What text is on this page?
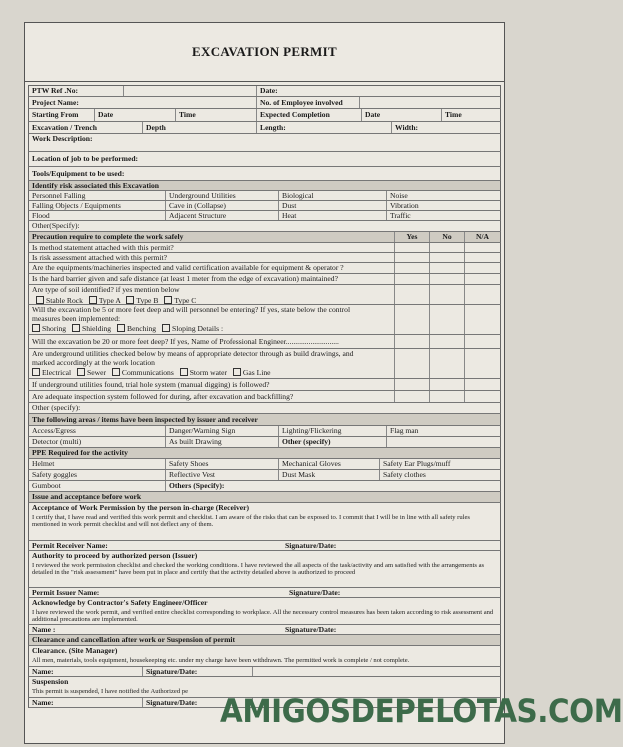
EXCAVATION PERMIT
PTW Ref .No:	Date:
Project Name:	No. of Employee involved
Starting From	Date	Time	Expected Completion	Date	Time
Excavation / Trench	Depth	Length:	Width:
Work Description:
Location of job to be performed:
Tools/Equipment to be used:
Identify risk associated this Excavation
Personnel Falling	Underground Utilities	Biological	Noise
Falling Objects / Equipments	Cave in (Collapse)	Dust	Vibration
Flood	Adjacent Structure	Heat	Traffic
Other(Specify):
Precaution require to complete the work safely	Yes	No	N/A
Is method statement attached with this permit?
Is risk assessment attached with this permit?
Are the equipments/machineries inspected and valid certification available for equipment & operator ?
Is the hard barrier given and safe distance (at least 1 meter from the edge of excavation) maintained?
Are type of soil identified? if yes mention below
Stable Rock Type A Type B Type C
Will the excavation be 5 or more feet deep and will personnel be entering? If yes, state below the control measures been implemented:
Shoring Shielding Benching Sloping Details :
Will the excavation be 20 or more feet deep? If yes, Name of Professional Engineer............................
Are underground utilities checked below by means of appropriate detector through as build drawings, and marked accordingly at the work location
Electrical Sewer Communications Storm water Gas Line
If underground utilities found, trial hole system (manual digging) is followed?
Are adequate inspection system followed for during, after excavation and backfilling?
Other (specify):
The following areas / items have been inspected by issuer and receiver
Access/Egress	Danger/Warning Sign	Lighting/Flickering	Flag man
Detector (multi)	As built Drawing	Other (specify)
PPE Required for the activity
Helmet	Safety Shoes	Mechanical Gloves	Safety Ear Plugs/muff
Safety goggles	Reflective Vest	Dust Mask	Safety clothes
Gumboot	Others (Specify):
Issue and acceptance before work
Acceptance of Work Permission by the person in-charge (Receiver)
I certify that, I have read and verified this work permit and checklist. I am aware of the risks that can be exposed to. I commit that I will be in line with all safety rules mentioned in work permit checklist and will not deflect any of them.
Permit Receiver Name:	Signature/Date:
Authority to proceed by authorized person (Issuer)
I reviewed the work permission checklist and checked the working conditions. I have reviewed the all aspects of the task/activity and am satisfied with the arrangements as detailed in the "risk assessment" have been put in place and certify that the activity detailed above is authorized to proceed
Permit Issuer Name:	Signature/Date:
Acknowledge by Contractor's Safety Engineer/Officer
I have reviewed the work permit, and verified entire checklist corresponding to workplace. All the necessary control measures has been taken according to risk assessment and additional precautions are implemented.
Name :	Signature/Date:
Clearance and cancellation after work or Suspension of permit
Clearance. (Site Manager)
All men, materials, tools equipment, housekeeping etc. under my charge have been withdrawn. The permitted work is complete / not complete.
Name:	Signature/Date:
Suspension
This permit is suspended, I have notified the Authorized pe
Name:	Signature/Date: AMIGOSDEPELOTAS.COM
